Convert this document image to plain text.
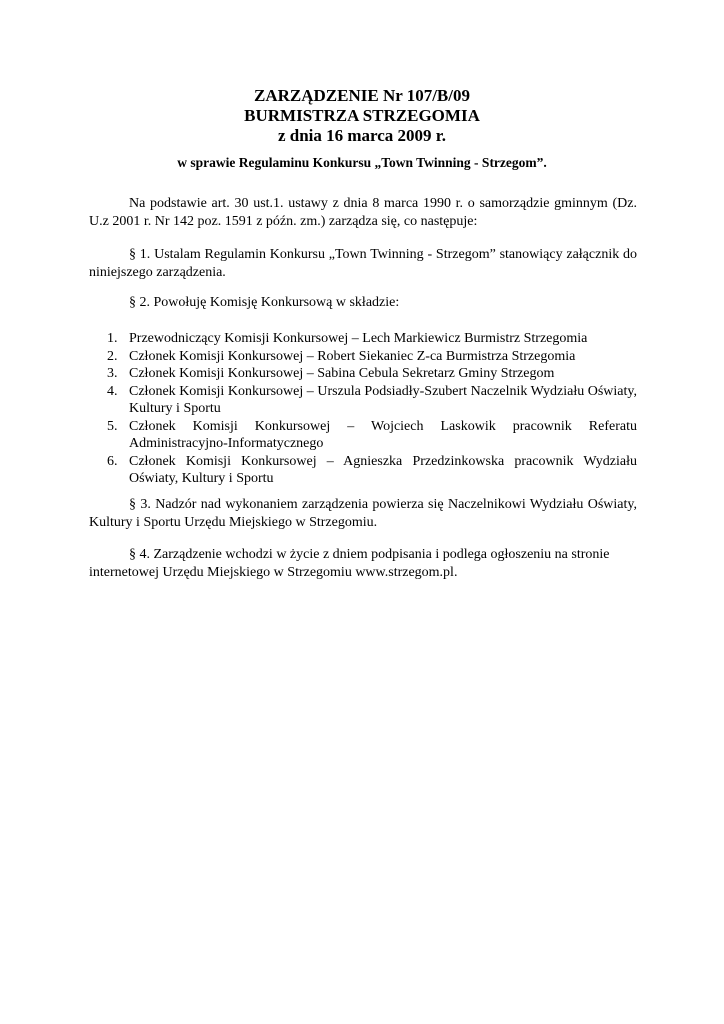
ZARZĄDZENIE Nr 107/B/09
BURMISTRZA STRZEGOMIA
z dnia 16 marca 2009 r.
w sprawie Regulaminu Konkursu „Town Twinning - Strzegom”.
Na podstawie art. 30 ust.1. ustawy z dnia 8 marca 1990 r. o samorządzie gminnym (Dz. U.z 2001 r. Nr 142 poz. 1591 z późn. zm.) zarządza się, co następuje:
§ 1. Ustalam Regulamin Konkursu „Town Twinning - Strzegom” stanowiący załącznik do niniejszego zarządzenia.
§ 2. Powołuję Komisję Konkursową w składzie:
1. Przewodniczący Komisji Konkursowej – Lech Markiewicz Burmistrz Strzegomia
2. Członek Komisji Konkursowej – Robert Siekaniec Z-ca Burmistrza Strzegomia
3. Członek Komisji Konkursowej – Sabina Cebula Sekretarz Gminy Strzegom
4. Członek Komisji Konkursowej – Urszula Podsiadły-Szubert Naczelnik Wydziału Oświaty, Kultury i Sportu
5. Członek Komisji Konkursowej – Wojciech Laskowik pracownik Referatu Administracyjno-Informatycznego
6. Członek Komisji Konkursowej – Agnieszka Przedzinkowska pracownik Wydziału Oświaty, Kultury i Sportu
§ 3. Nadzór nad wykonaniem zarządzenia powierza się Naczelnikowi Wydziału Oświaty, Kultury i Sportu Urzędu Miejskiego w Strzegomiu.
§ 4. Zarządzenie wchodzi w życie z dniem podpisania i podlega ogłoszeniu na stronie internetowej Urzędu Miejskiego w Strzegomiu www.strzegom.pl.
